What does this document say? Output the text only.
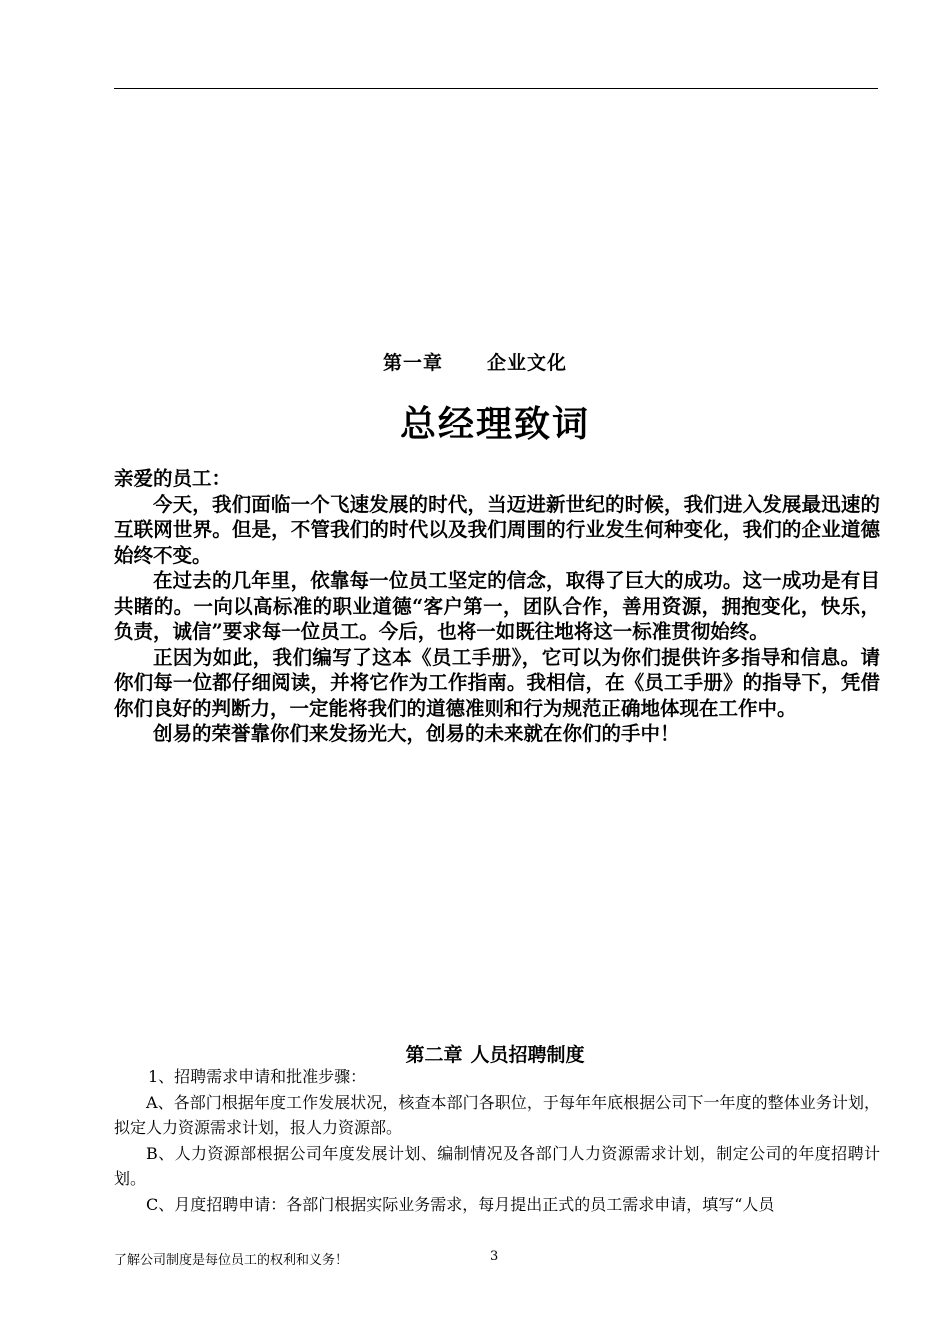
第一章 企业文化
总经理致词

亲爱的员工：

今天，我们面临一个飞速发展的时代，当迈进新世纪的时候，我们进入发展最迅速的互联网世界。但是，不管我们的时代以及我们周围的行业发生何种变化，我们的企业道德始终不变。

在过去的几年里，依靠每一位员工坚定的信念，取得了巨大的成功。这一成功是有目共睹的。一向以高标准的职业道德“客户第一，团队合作，善用资源，拥抱变化，快乐，负责，诚信”要求每一位员工。今后，也将一如既往地将这一标准贯彻始终。

正因为如此，我们编写了这本《员工手册》，它可以为你们提供许多指导和信息。请你们每一位都仔细阅读，并将它作为工作指南。我相信，在《员工手册》的指导下，凭借你们良好的判断力，一定能将我们的道德准则和行为规范正确地体现在工作中。

创易的荣誉靠你们来发扬光大，创易的未来就在你们的手中！

第二章 人员招聘制度

1、招聘需求申请和批准步骤：

A、各部门根据年度工作发展状况，核查本部门各职位，于每年年底根据公司下一年度的整体业务计划，拟定人力资源需求计划，报人力资源部。

B、人力资源部根据公司年度发展计划、编制情况及各部门人力资源需求计划，制定公司的年度招聘计划。

C、月度招聘申请：各部门根据实际业务需求，每月提出正式的员工需求申请，填写“人员

了解公司制度是每位员工的权利和义务！	3
